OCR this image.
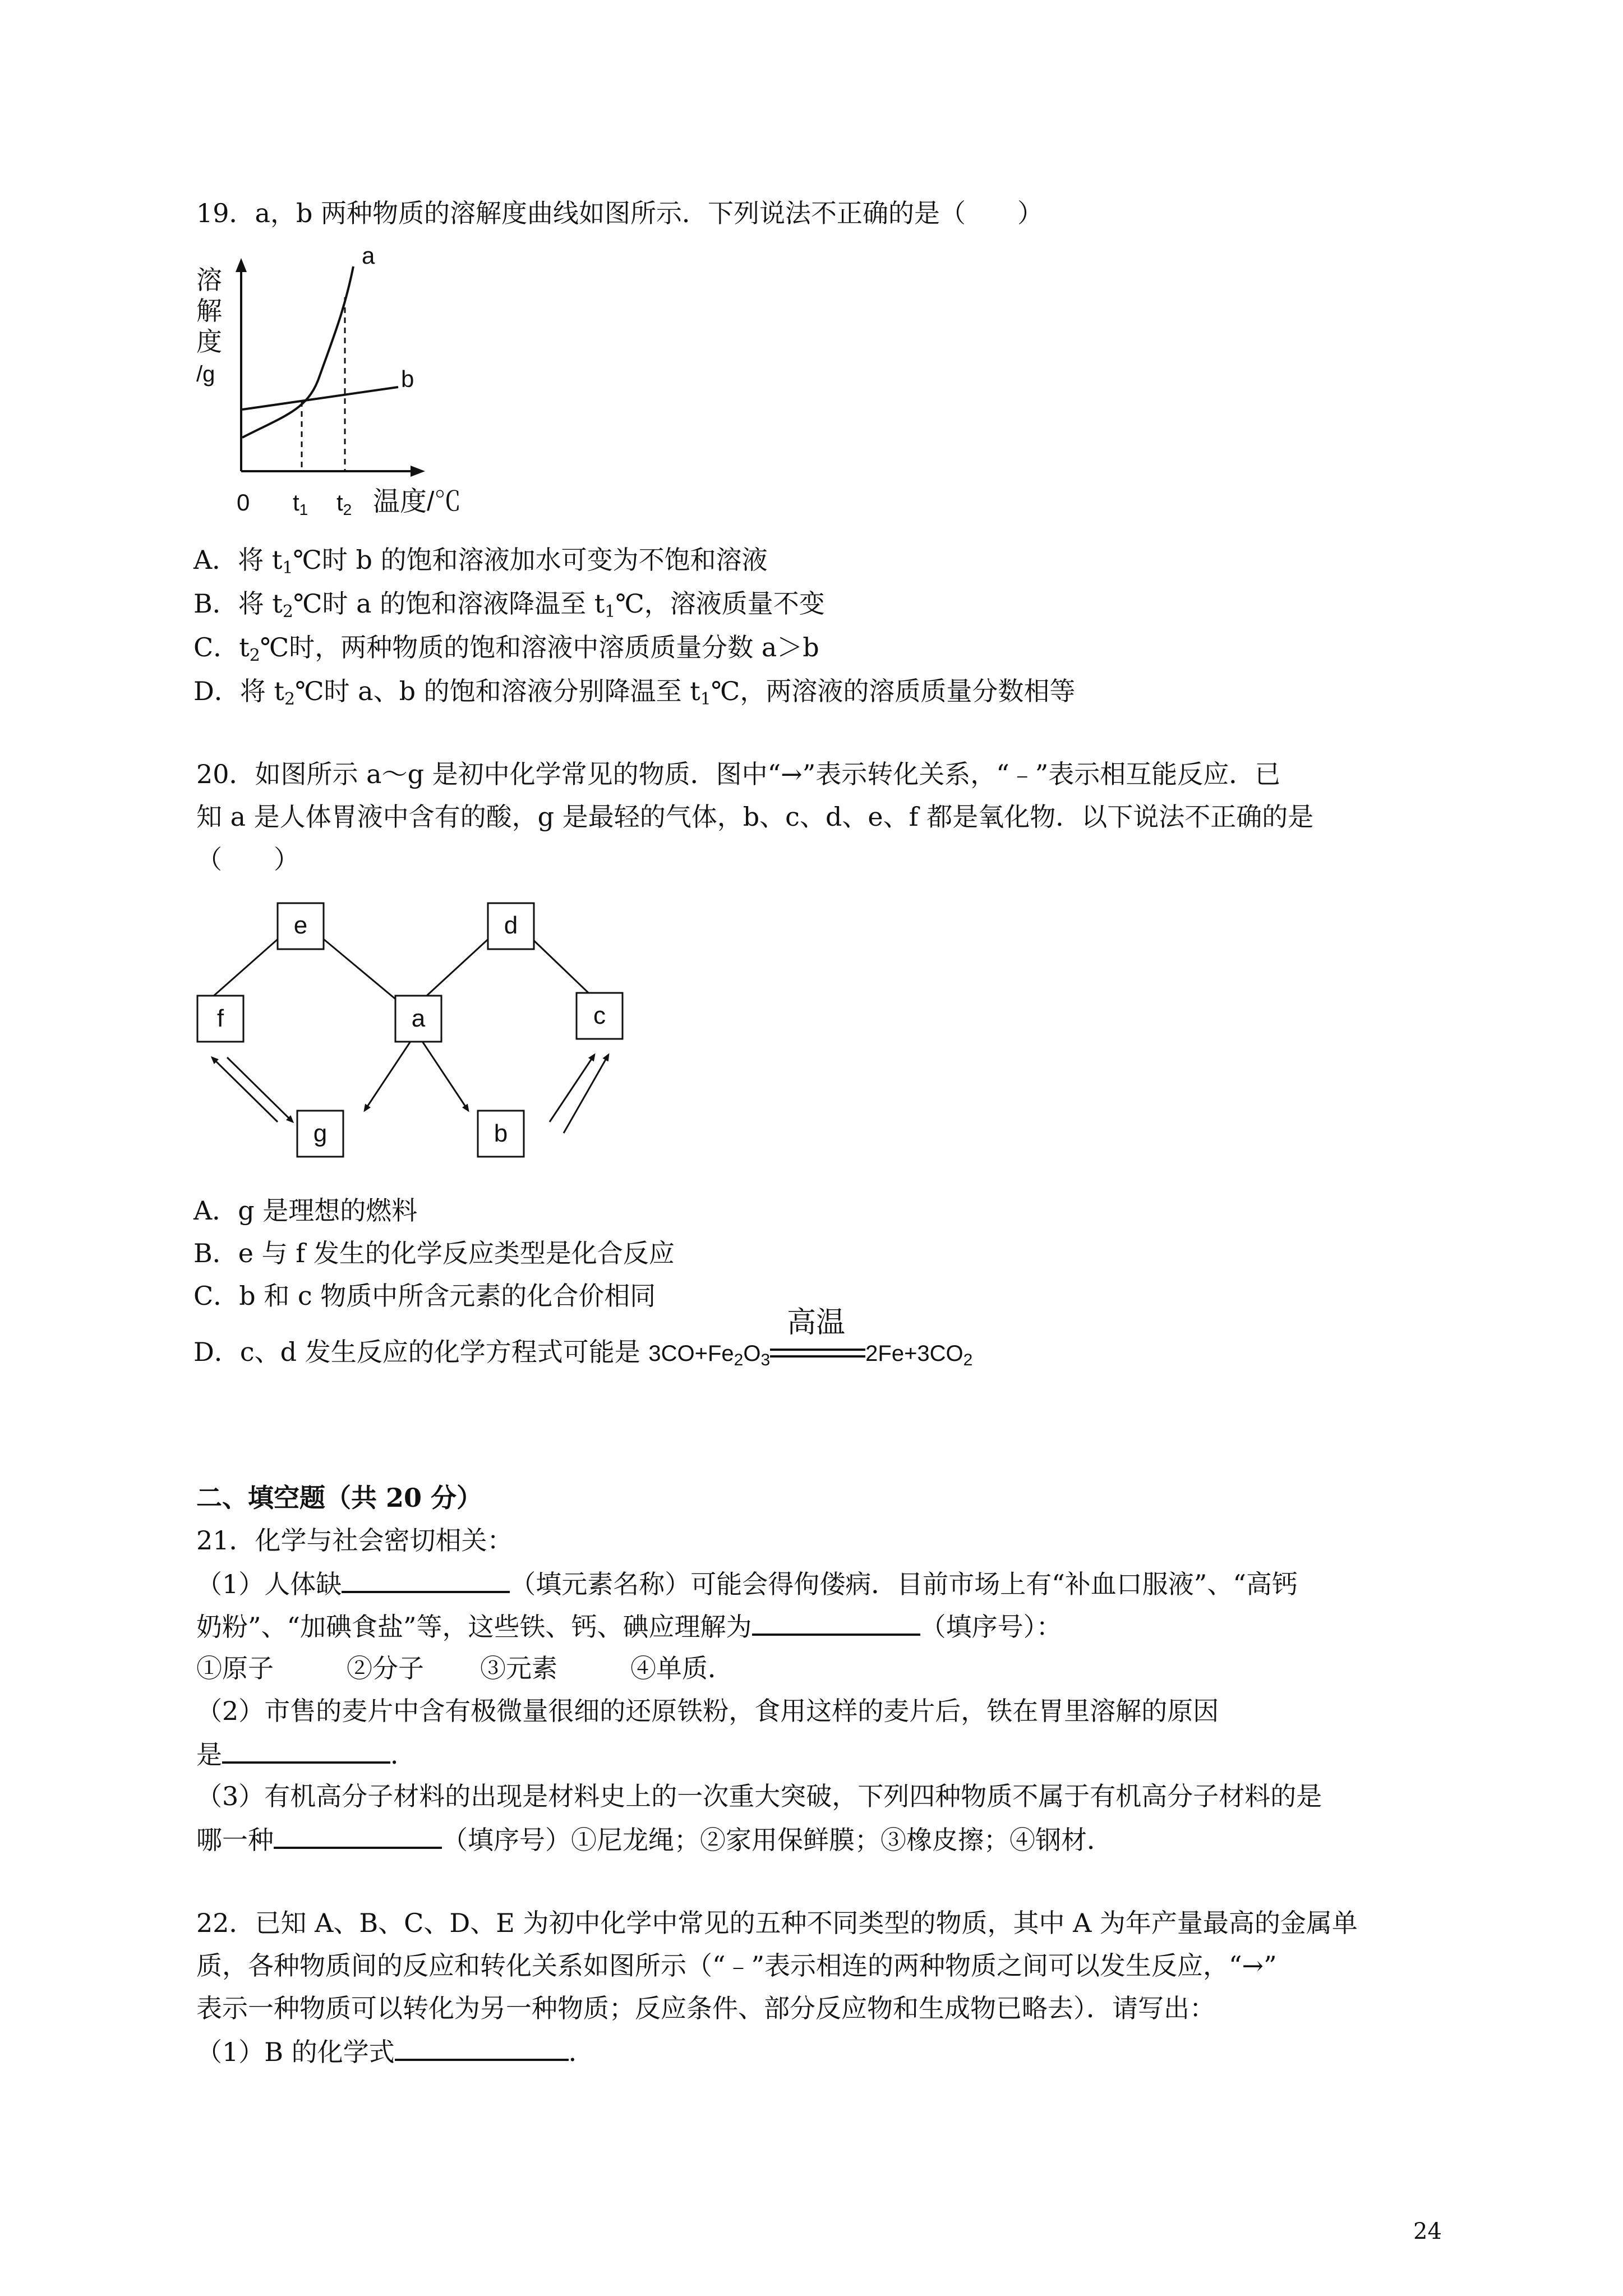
19．a，b 两种物质的溶解度曲线如图所示．下列说法不正确的是（　　）
溶
解
度
/g
a
b
0 t1 t2 温度/℃
A．将 $t_1℃$时 b 的饱和溶液加水可变为不饱和溶液
B．将 $t_2℃$时 a 的饱和溶液降温至 $t_1℃$，溶液质量不变
C．$t_2℃$时，两种物质的饱和溶液中溶质质量分数 a＞b
D．将 $t_2℃$时 a、b 的饱和溶液分别降温至 $t_1℃$，两溶液的溶质质量分数相等
20．如图所示 a～g 是初中化学常见的物质．图中“→”表示转化关系，“﹣”表示相互能反应．已
知 a 是人体胃液中含有的酸，g 是最轻的气体，b、c、d、e、f 都是氧化物．以下说法不正确的是
（　　）
e	d
f	a	c
g	b
A．g 是理想的燃料
B．e 与 f 发生的化学反应类型是化合反应
C．b 和 c 物质中所含元素的化合价相同
D．c、d 发生反应的化学方程式可能是 $3CO+Fe_2O_3$
高温
$2Fe+3CO_2$
二、填空题（共 20 分）
21．化学与社会密切相关：
（1）人体缺	（填元素名称）可能会得佝偻病．目前市场上有“补血口服液”、“高钙
奶粉”、“加碘食盐”等，这些铁、钙、碘应理解为	（填序号）：
①原子	②分子 ③元素	④单质．
（2）市售的麦片中含有极微量很细的还原铁粉，食用这样的麦片后，铁在胃里溶解的原因
是	．
（3）有机高分子材料的出现是材料史上的一次重大突破，下列四种物质不属于有机高分子材料的是
哪一种	（填序号）①尼龙绳；②家用保鲜膜；③橡皮擦；④钢材．
22．已知 A、B、C、D、E 为初中化学中常见的五种不同类型的物质，其中 A 为年产量最高的金属单
质，各种物质间的反应和转化关系如图所示（“﹣”表示相连的两种物质之间可以发生反应，“→”
表示一种物质可以转化为另一种物质；反应条件、部分反应物和生成物已略去）．请写出：
（1）B 的化学式	．
24
